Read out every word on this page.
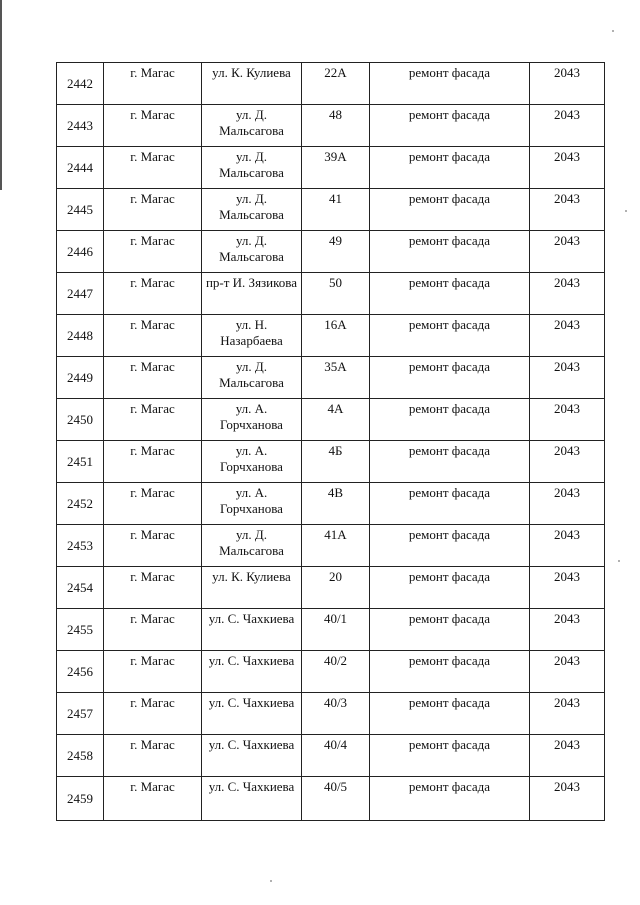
2442	г. Магас	ул. К. Кулиева	22А	ремонт фасада	2043
2443	г. Магас	ул. Д. Мальсагова	48	ремонт фасада	2043
2444	г. Магас	ул. Д. Мальсагова	39А	ремонт фасада	2043
2445	г. Магас	ул. Д. Мальсагова	41	ремонт фасада	2043
2446	г. Магас	ул. Д. Мальсагова	49	ремонт фасада	2043
2447	г. Магас	пр-т И. Зязикова	50	ремонт фасада	2043
2448	г. Магас	ул. Н. Назарбаева	16А	ремонт фасада	2043
2449	г. Магас	ул. Д. Мальсагова	35А	ремонт фасада	2043
2450	г. Магас	ул. А. Горчханова	4А	ремонт фасада	2043
2451	г. Магас	ул. А. Горчханова	4Б	ремонт фасада	2043
2452	г. Магас	ул. А. Горчханова	4В	ремонт фасада	2043
2453	г. Магас	ул. Д. Мальсагова	41А	ремонт фасада	2043
2454	г. Магас	ул. К. Кулиева	20	ремонт фасада	2043
2455	г. Магас	ул. С. Чахкиева	40/1	ремонт фасада	2043
2456	г. Магас	ул. С. Чахкиева	40/2	ремонт фасада	2043
2457	г. Магас	ул. С. Чахкиева	40/3	ремонт фасада	2043
2458	г. Магас	ул. С. Чахкиева	40/4	ремонт фасада	2043
2459	г. Магас	ул. С. Чахкиева	40/5	ремонт фасада	2043
